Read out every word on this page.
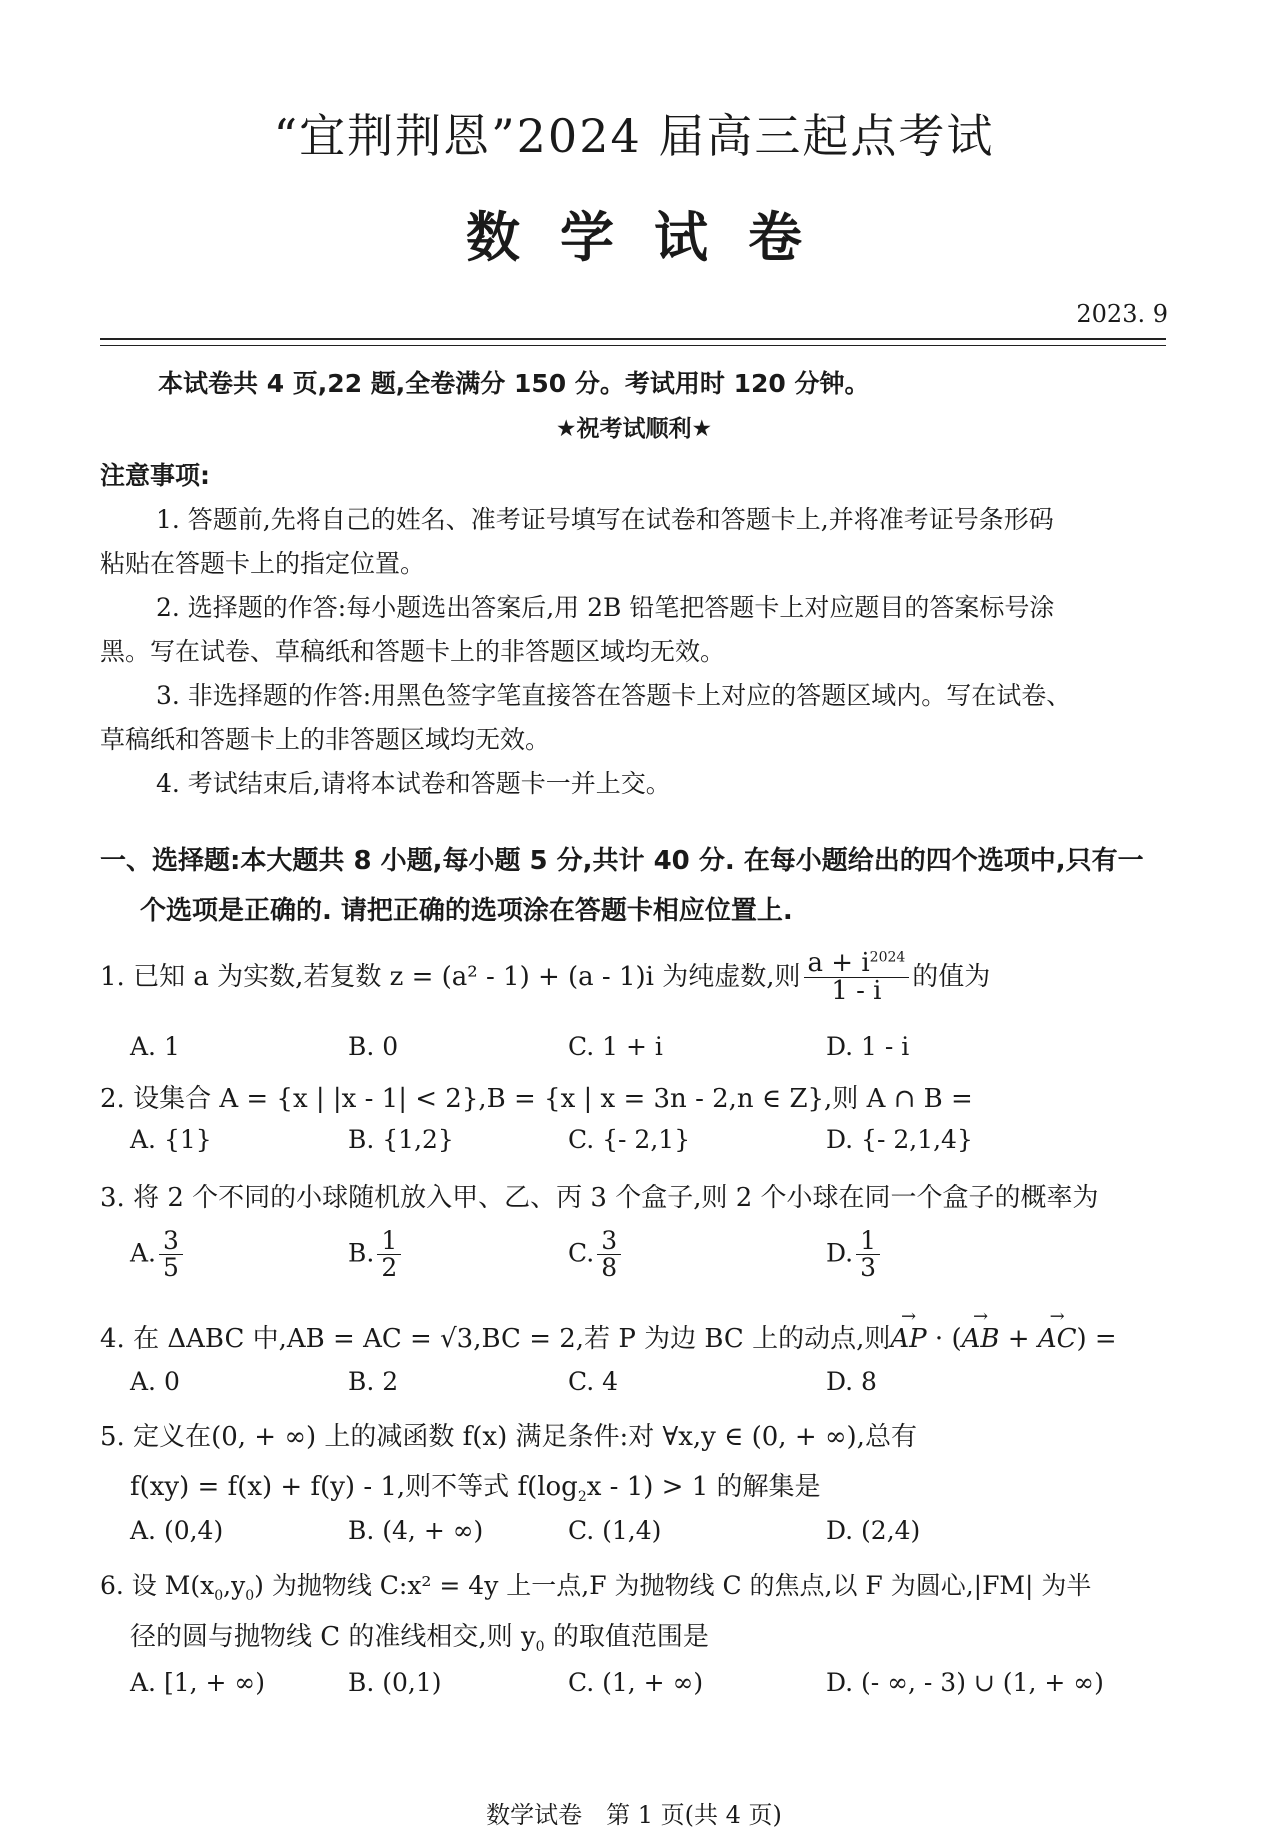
“宜荆荆恩”2024 届高三起点考试
数学试卷
2023. 9
本试卷共 4 页,22 题,全卷满分 150 分。考试用时 120 分钟。
★祝考试顺利★
注意事项:
1. 答题前,先将自己的姓名、准考证号填写在试卷和答题卡上,并将准考证号条形码
粘贴在答题卡上的指定位置。
2. 选择题的作答:每小题选出答案后,用 2B 铅笔把答题卡上对应题目的答案标号涂
黑。写在试卷、草稿纸和答题卡上的非答题区域均无效。
3. 非选择题的作答:用黑色签字笔直接答在答题卡上对应的答题区域内。写在试卷、
草稿纸和答题卡上的非答题区域均无效。
4. 考试结束后,请将本试卷和答题卡一并上交。
一、选择题:本大题共 8 小题,每小题 5 分,共计 40 分. 在每小题给出的四个选项中,只有一
个选项是正确的. 请把正确的选项涂在答题卡相应位置上.
1. 已知 a 为实数,若复数 z = (a² - 1) + (a - 1)i 为纯虚数,则 $\frac{a + i^{2024}}{1 - i}$ 的值为
A. 1	B. 0	C. 1 + i	D. 1 - i
2. 设集合 A = {x | |x - 1| < 2},B = {x | x = 3n - 2,n ∈ Z},则 A ∩ B =
A. {1}	B. {1,2}	C. {- 2,1}	D. {- 2,1,4}
3. 将 2 个不同的小球随机放入甲、乙、丙 3 个盒子,则 2 个小球在同一个盒子的概率为
A. $\frac{3}{5}$	B. $\frac{1}{2}$	C. $\frac{3}{8}$	D. $\frac{1}{3}$
4. 在 ΔABC 中,AB = AC = √3,BC = 2,若 P 为边 BC 上的动点,则→ AP · (→ AB + → AC) =
A. 0	B. 2	C. 4	D. 8
5. 定义在(0, + ∞) 上的减函数 f(x) 满足条件:对 ∀x,y ∈ (0, + ∞),总有
f(xy) = f(x) + f(y) - 1,则不等式 $f(\log_2x - 1) > 1$ 的解集是
A. (0,4)	B. (4, + ∞)	C. (1,4)	D. (2,4)
6. 设 $M(x_0,y_0)$ 为抛物线 C:x² = 4y 上一点,F 为抛物线 C 的焦点,以 F 为圆心,|FM| 为半
径的圆与抛物线 C 的准线相交,则 $y_0$ 的取值范围是
A. [1, + ∞)	B. (0,1)	C. (1, + ∞)	D. (- ∞, - 3) ∪ (1, + ∞)
数学试卷　第 1 页(共 4 页)
